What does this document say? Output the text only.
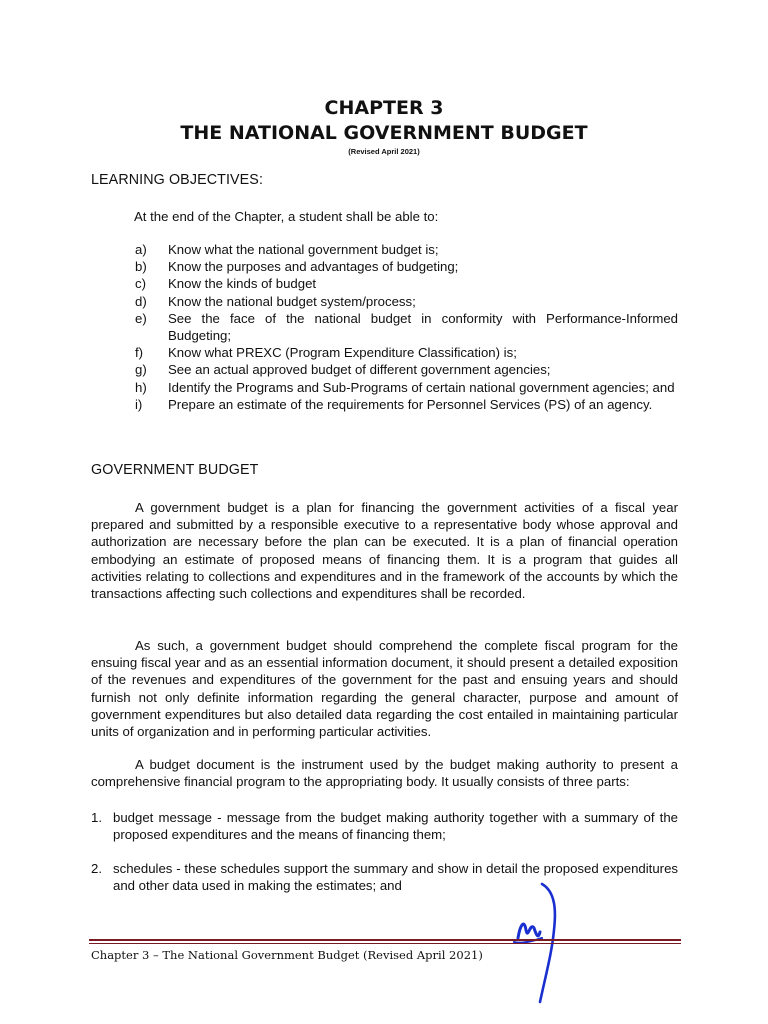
CHAPTER 3
THE NATIONAL GOVERNMENT BUDGET
(Revised April 2021)
LEARNING OBJECTIVES:
At the end of the Chapter, a student shall be able to:
a) Know what the national government budget is;
b) Know the purposes and advantages of budgeting;
c) Know the kinds of budget
d) Know the national budget system/process;
e) See the face of the national budget in conformity with Performance-Informed Budgeting;
f) Know what PREXC (Program Expenditure Classification) is;
g) See an actual approved budget of different government agencies;
h) Identify the Programs and Sub-Programs of certain national government agencies; and
i) Prepare an estimate of the requirements for Personnel Services (PS) of an agency.
GOVERNMENT BUDGET

A government budget is a plan for financing the government activities of a fiscal year prepared and submitted by a responsible executive to a representative body whose approval and authorization are necessary before the plan can be executed. It is a plan of financial operation embodying an estimate of proposed means of financing them. It is a program that guides all activities relating to collections and expenditures and in the framework of the accounts by which the transactions affecting such collections and expenditures shall be recorded.

As such, a government budget should comprehend the complete fiscal program for the ensuing fiscal year and as an essential information document, it should present a detailed exposition of the revenues and expenditures of the government for the past and ensuing years and should furnish not only definite information regarding the general character, purpose and amount of government expenditures but also detailed data regarding the cost entailed in maintaining particular units of organization and in performing particular activities.

A budget document is the instrument used by the budget making authority to present a comprehensive financial program to the appropriating body. It usually consists of three parts:

1. budget message - message from the budget making authority together with a summary of the proposed expenditures and the means of financing them;
2. schedules - these schedules support the summary and show in detail the proposed expenditures and other data used in making the estimates; and
Chapter 3 – The National Government Budget (Revised April 2021)
